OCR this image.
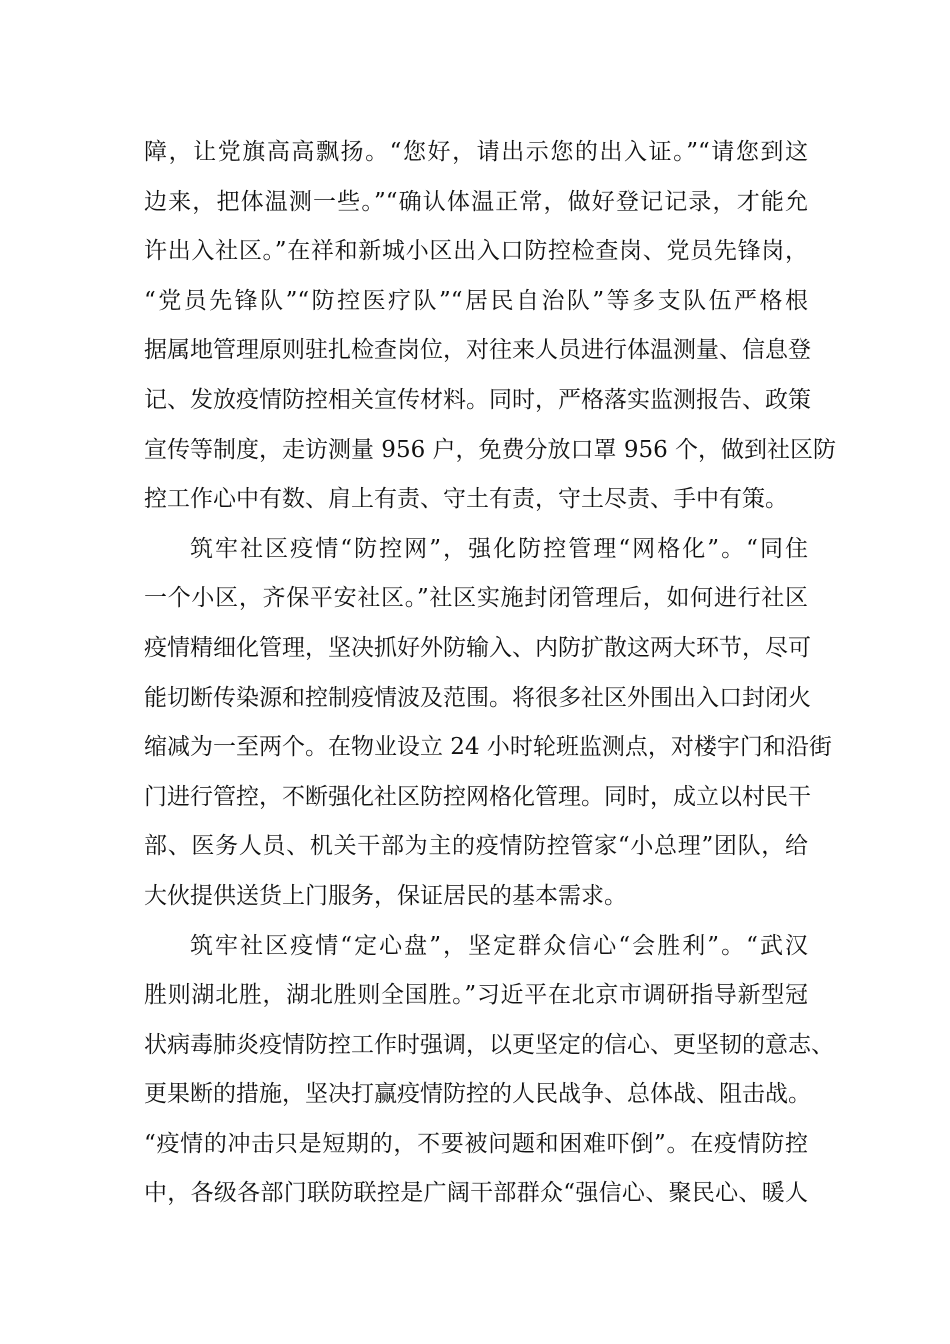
障，让党旗高高飘扬。“您好，请出示您的出入证。”“请您到这
边来，把体温测一些。”“确认体温正常，做好登记记录，才能允
许出入社区。”在祥和新城小区出入口防控检查岗、党员先锋岗，
“党员先锋队”“防控医疗队”“居民自治队”等多支队伍严格根
据属地管理原则驻扎检查岗位，对往来人员进行体温测量、信息登
记、发放疫情防控相关宣传材料。同时，严格落实监测报告、政策
宣传等制度，走访测量 956 户，免费分放口罩 956 个，做到社区防
控工作心中有数、肩上有责、守土有责，守土尽责、手中有策。
筑牢社区疫情“防控网”，强化防控管理“网格化”。“同住
一个小区，齐保平安社区。”社区实施封闭管理后，如何进行社区
疫情精细化管理，坚决抓好外防输入、内防扩散这两大环节，尽可
能切断传染源和控制疫情波及范围。将很多社区外围出入口封闭火
缩减为一至两个。在物业设立 24 小时轮班监测点，对楼宇门和沿街
门进行管控，不断强化社区防控网格化管理。同时，成立以村民干
部、医务人员、机关干部为主的疫情防控管家“小总理”团队，给
大伙提供送货上门服务，保证居民的基本需求。
筑牢社区疫情“定心盘”，坚定群众信心“会胜利”。“武汉
胜则湖北胜，湖北胜则全国胜。”习近平在北京市调研指导新型冠
状病毒肺炎疫情防控工作时强调，以更坚定的信心、更坚韧的意志、
更果断的措施，坚决打赢疫情防控的人民战争、总体战、阻击战。
“疫情的冲击只是短期的，不要被问题和困难吓倒”。在疫情防控
中，各级各部门联防联控是广阔干部群众“强信心、聚民心、暖人
